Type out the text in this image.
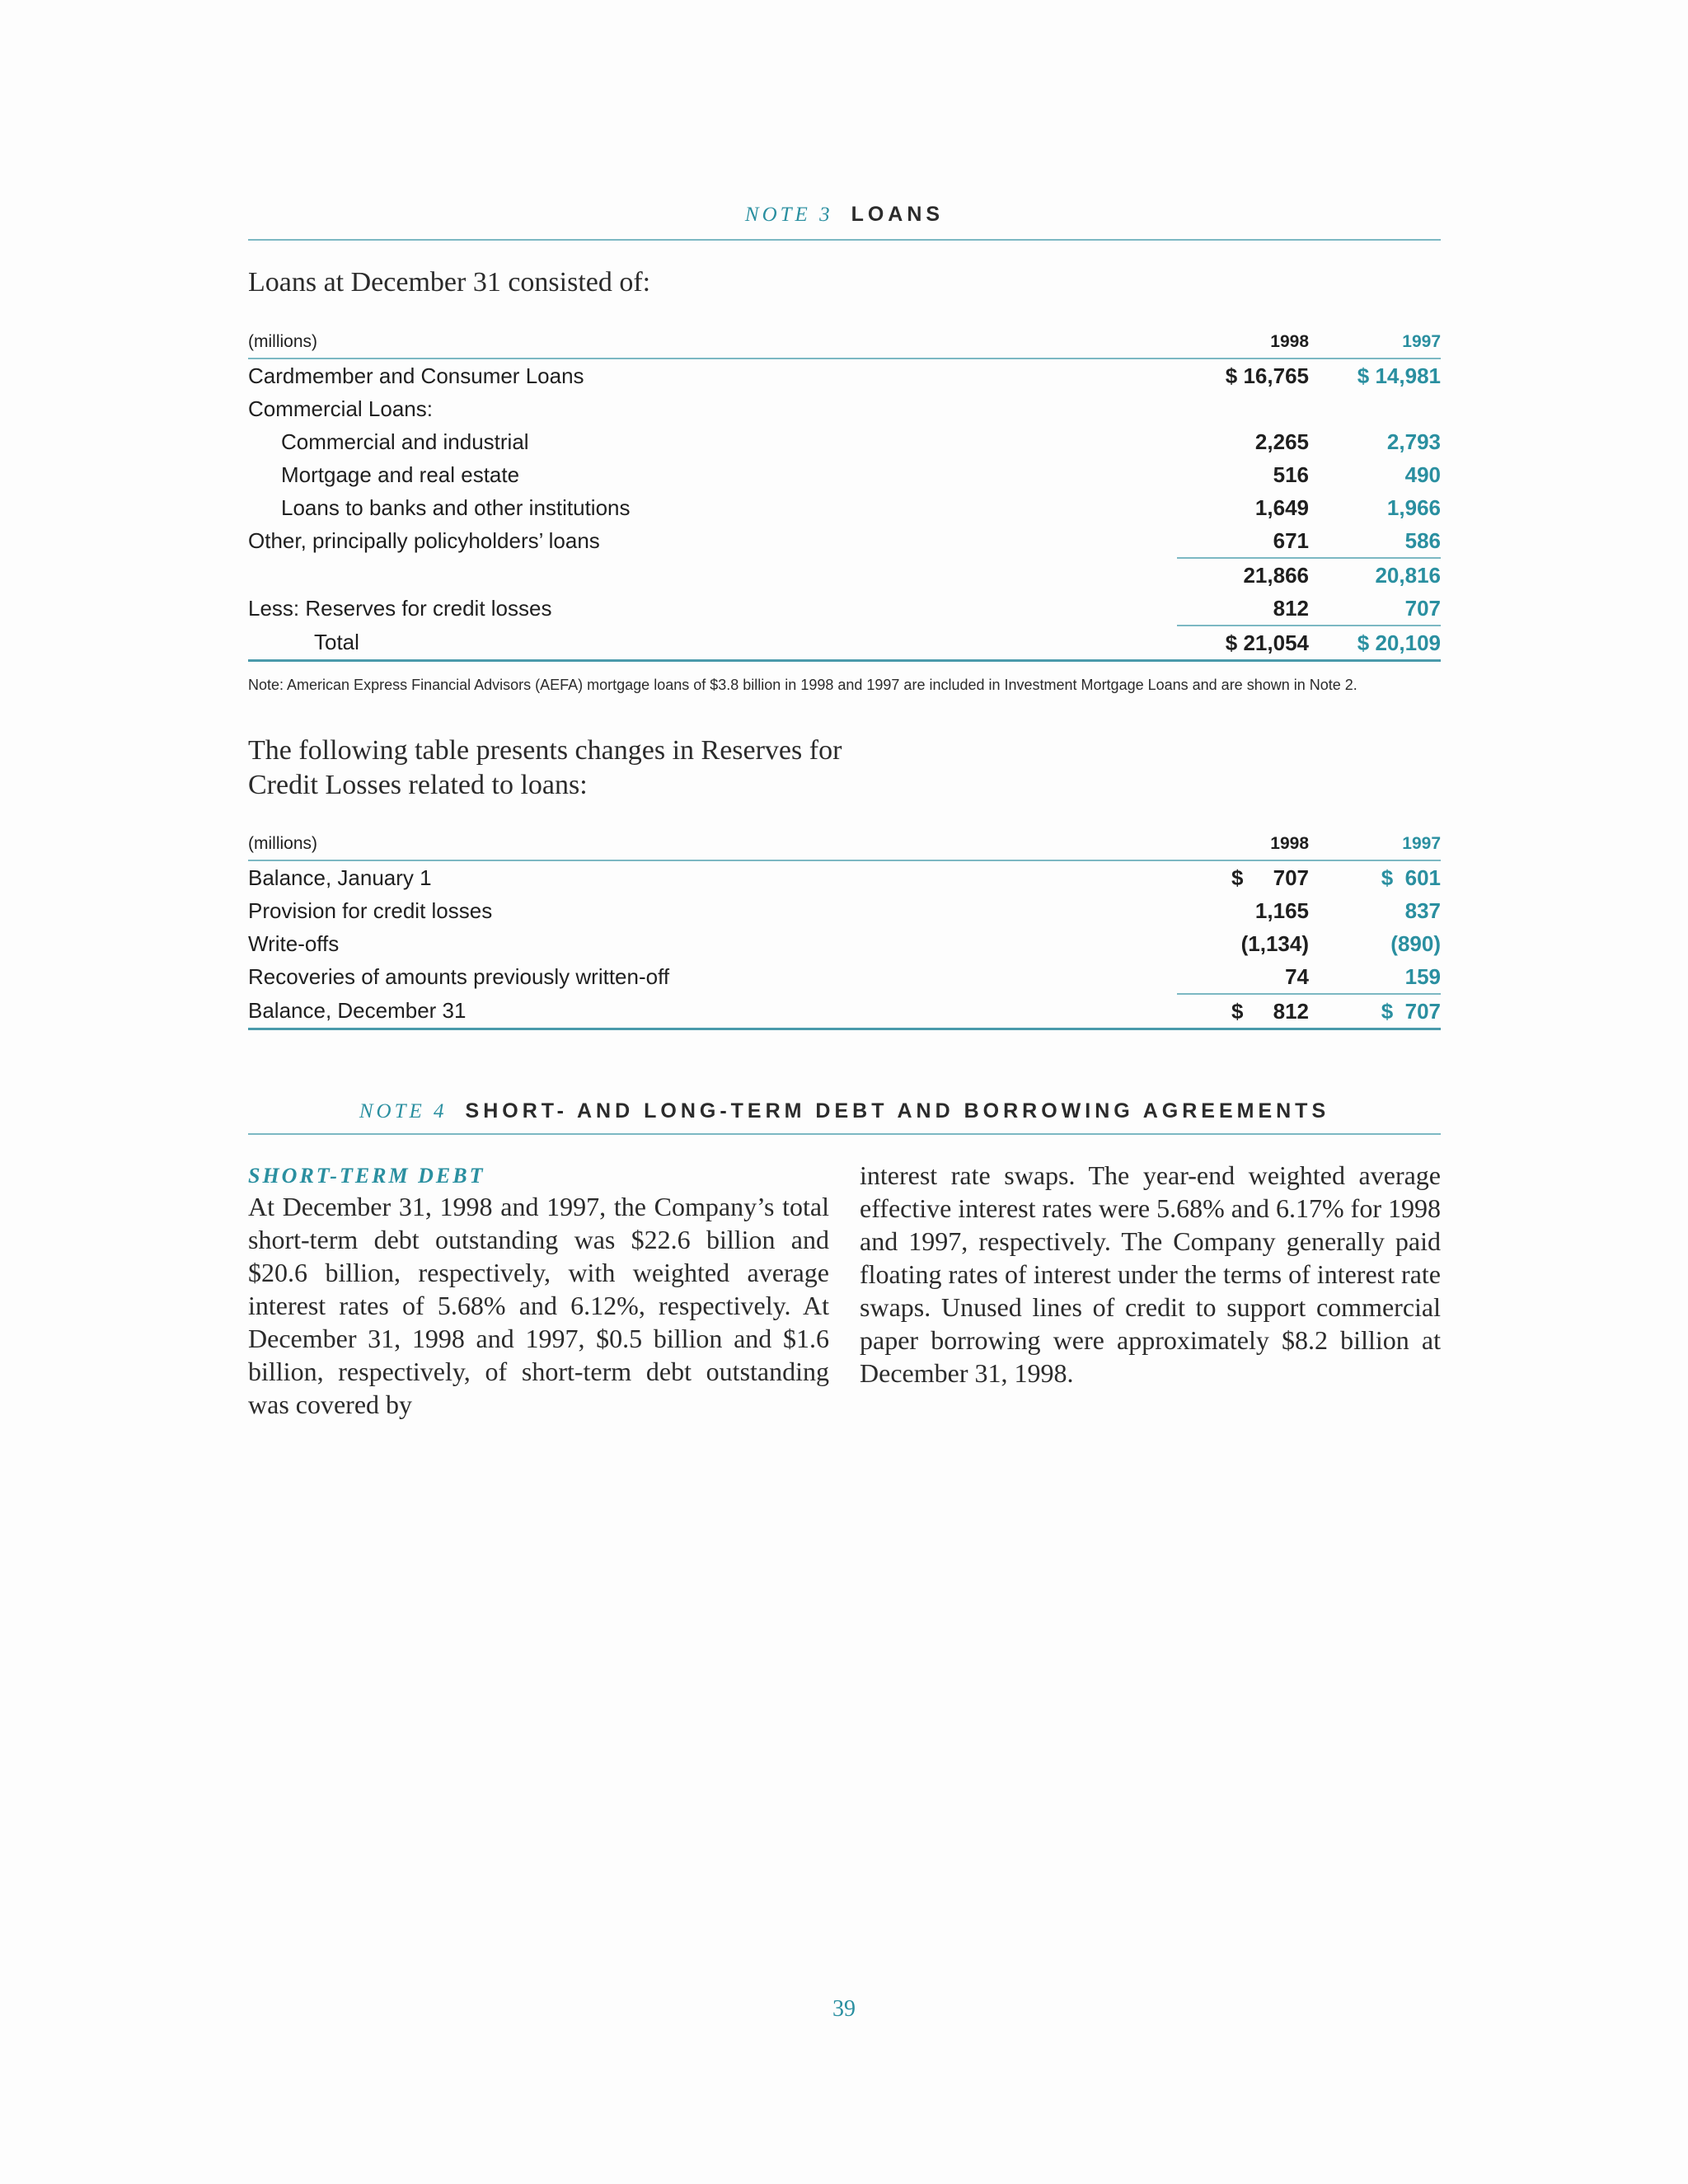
NOTE 3 LOANS
Loans at December 31 consisted of:
(millions)	1998	1997	
Cardmember and Consumer Loans	$ 16,765	$ 14,981	
Commercial Loans:			
Commercial and industrial	2,265	2,793	
Mortgage and real estate	516	490	
Loans to banks and other institutions	1,649	1,966	
Other, principally policyholders’ loans	671	586	
	21,866	20,816	
Less: Reserves for credit losses	812	707	
Total	$ 21,054	$ 20,109	
Note: American Express Financial Advisors (AEFA) mortgage loans of $3.8 billion in 1998 and 1997 are included in Investment Mortgage Loans and are shown in Note 2.
The following table presents changes in Reserves for
Credit Losses related to loans:
(millions)	1998	1997	
Balance, January 1	$     707	$  601	
Provision for credit losses	1,165	837	
Write-offs	(1,134)	(890)	
Recoveries of amounts previously written-off	74	159	
Balance, December 31	$     812	$  707	
NOTE 4 SHORT- AND LONG-TERM DEBT AND BORROWING AGREEMENTS
SHORT-TERM DEBT
At December 31, 1998 and 1997, the Company’s total short-term debt outstanding was $22.6 billion and $20.6 billion, respectively, with weighted average interest rates of 5.68% and 6.12%, respectively. At December 31, 1998 and 1997, $0.5 billion and $1.6 billion, respectively, of short-term debt outstanding was covered by
interest rate swaps. The year-end weighted average effective interest rates were 5.68% and 6.17% for 1998 and 1997, respectively. The Company generally paid floating rates of interest under the terms of interest rate swaps. Unused lines of credit to support commercial paper borrowing were approximately $8.2 billion at December 31, 1998.
39
